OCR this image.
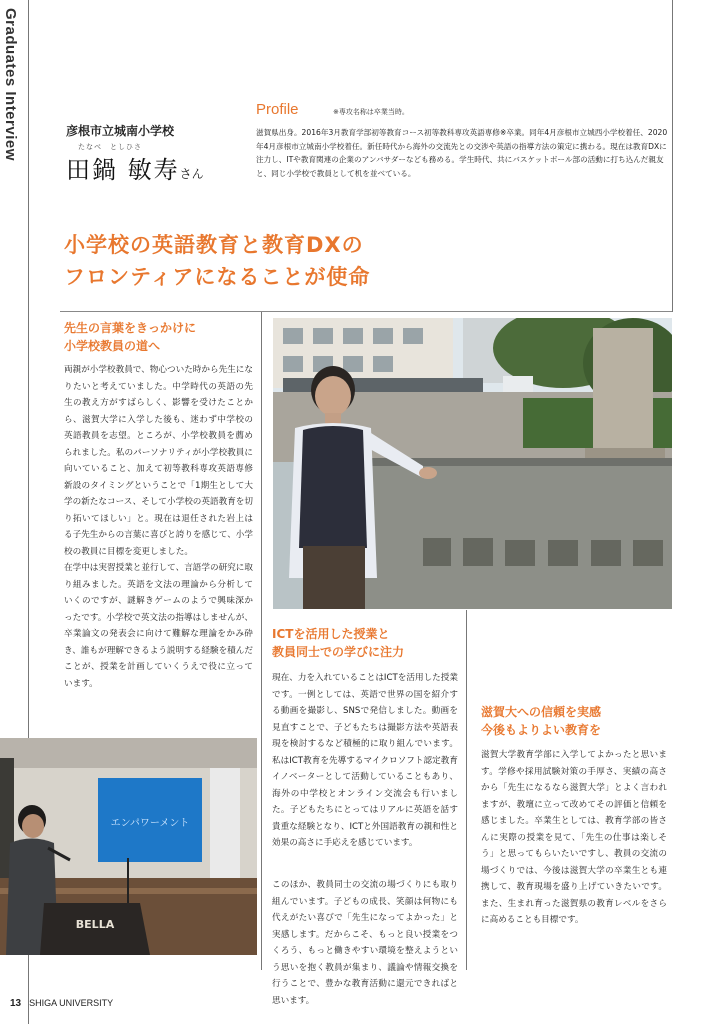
Graduates Interview	彦根市立城南小学校
たなべ　としひさ
田鍋 敏寿さん
Profile	※専攻名称は卒業当時。
滋賀県出身。2016年3月教育学部初等教育コース初等教科専攻英語専修※卒業。同年4月彦根市立城西小学校着任、2020年4月彦根市立城南小学校着任。新任時代から海外の交流先との交渉や英語の指導方法の策定に携わる。現在は教育DXに注力し、ITや教育関連の企業のアンバサダーなども務める。学生時代、共にバスケットボール部の活動に打ち込んだ親友と、同じ小学校で教員として机を並べている。
小学校の英語教育と教育DXの
フロンティアになることが使命
先生の言葉をきっかけに
小学校教員の道へ
両親が小学校教員で、物心ついた時から先生になりたいと考えていました。中学時代の英語の先生の教え方がすばらしく、影響を受けたことから、滋賀大学に入学した後も、迷わず中学校の英語教員を志望。ところが、小学校教員を薦められました。私のパーソナリティが小学校教員に向いていること、加えて初等教科専攻英語専修新設のタイミングということで「1期生として大学の新たなコース、そして小学校の英語教育を切り拓いてほしい」と。現在は退任された岩上はる子先生からの言葉に喜びと誇りを感じて、小学校の教員に目標を変更しました。
在学中は実習授業と並行して、言語学の研究に取り組みました。英語を文法の理論から分析していくのですが、謎解きゲームのようで興味深かったです。小学校で英文法の指導はしませんが、卒業論文の発表会に向けて難解な理論をかみ砕き、誰もが理解できるよう説明する経験を積んだことが、授業を計画していくうえで役に立っています。
ICTを活用した授業と
教員同士での学びに注力
現在、力を入れていることはICTを活用した授業です。一例としては、英語で世界の国を紹介する動画を撮影し、SNSで発信しました。動画を見直すことで、子どもたちは撮影方法や英語表現を検討するなど積極的に取り組んでいます。私はICT教育を先導するマイクロソフト認定教育イノベーターとして活動していることもあり、海外の中学校とオンライン交流会も行いました。子どもたちにとってはリアルに英語を話す貴重な経験となり、ICTと外国語教育の親和性と効果の高さに手応えを感じています。
このほか、教員同士の交流の場づくりにも取り組んでいます。子どもの成長、笑顔は何物にも代えがたい喜びで「先生になってよかった」と実感します。だからこそ、もっと良い授業をつくろう、もっと働きやすい環境を整えようという思いを抱く教員が集まり、議論や情報交換を行うことで、豊かな教育活動に還元できればと思います。
滋賀大への信頼を実感
今後もよりよい教育を
滋賀大学教育学部に入学してよかったと思います。学修や採用試験対策の手厚さ、実績の高さから「先生になるなら滋賀大学」とよく言われますが、教壇に立って改めてその評価と信頼を感じました。卒業生としては、教育学部の皆さんに実際の授業を見て、「先生の仕事は楽しそう」と思ってもらいたいですし、教員の交流の場づくりでは、今後は滋賀大学の卒業生とも連携して、教育現場を盛り上げていきたいです。また、生まれ育った滋賀県の教育レベルをさらに高めることも目標です。
エンパワーメント
BELLA
13 SHIGA UNIVERSITY
